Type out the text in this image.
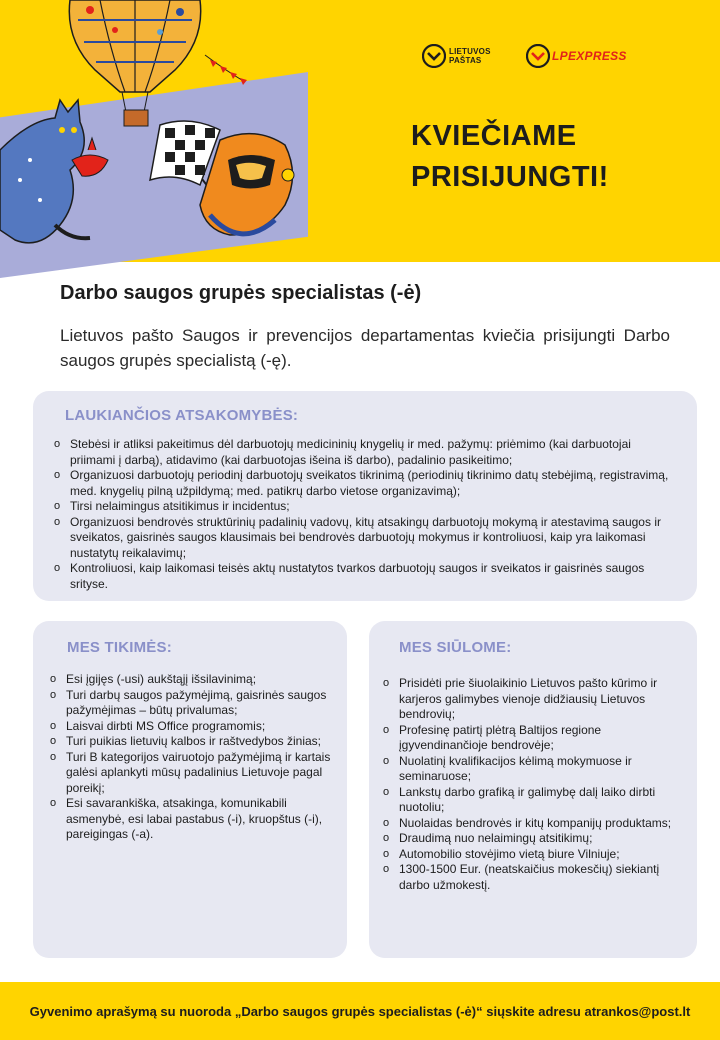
LIETUVOS
PAŠTAS	LPEXPRESS
KVIEČIAME
PRISIJUNGTI!
Darbo saugos grupės specialistas (-ė)
Lietuvos pašto Saugos ir prevencijos departamentas kviečia prisijungti Darbo saugos grupės specialistą (-ę).
LAUKIANČIOS ATSAKOMYBĖS:
o Stebėsi ir atliksi pakeitimus dėl darbuotojų medicininių knygelių ir med. pažymų: priėmimo (kai darbuotojai priimami į darbą), atidavimo (kai darbuotojas išeina iš darbo), padalinio pasikeitimo;
o Organizuosi darbuotojų periodinį darbuotojų sveikatos tikrinimą (periodinių tikrinimo datų stebėjimą, registravimą, med. knygelių pilną užpildymą; med. patikrų darbo vietose organizavimą);
o Tirsi nelaimingus atsitikimus ir incidentus;
o Organizuosi bendrovės struktūrinių padalinių vadovų, kitų atsakingų darbuotojų mokymą ir atestavimą saugos ir sveikatos, gaisrinės saugos klausimais bei bendrovės darbuotojų mokymus ir kontroliuosi, kaip yra laikomasi nustatytų reikalavimų;
o Kontroliuosi, kaip laikomasi teisės aktų nustatytos tvarkos darbuotojų saugos ir sveikatos ir gaisrinės saugos srityse.
MES TIKIMĖS:
o Esi įgijęs (-usi) aukštąjį išsilavinimą;
o Turi darbų saugos pažymėjimą, gaisrinės saugos pažymėjimas – būtų privalumas;
o Laisvai dirbti MS Office programomis;
o Turi puikias lietuvių kalbos ir raštvedybos žinias;
o Turi B kategorijos vairuotojo pažymėjimą ir kartais galėsi aplankyti mūsų padalinius Lietuvoje pagal poreikį;
o Esi savarankiška, atsakinga, komunikabili asmenybė, esi labai pastabus (-i), kruopštus (-i), pareigingas (-a).
MES SIŪLOME:
o Prisidėti prie šiuolaikinio Lietuvos pašto kūrimo ir karjeros galimybes vienoje didžiausių Lietuvos bendrovių;
o Profesinę patirtį plėtrą Baltijos regione įgyvendinančioje bendrovėje;
o Nuolatinį kvalifikacijos kėlimą mokymuose ir seminaruose;
o Lankstų darbo grafiką ir galimybę dalį laiko dirbti nuotoliu;
o Nuolaidas bendrovės ir kitų kompanijų produktams;
o Draudimą nuo nelaimingų atsitikimų;
o Automobilio stovėjimo vietą biure Vilniuje;
o 1300-1500 Eur. (neatskaičius mokesčių) siekiantį darbo užmokestį.
Gyvenimo aprašymą su nuoroda „Darbo saugos grupės specialistas (-ė)“ siųskite adresu atrankos@post.lt
